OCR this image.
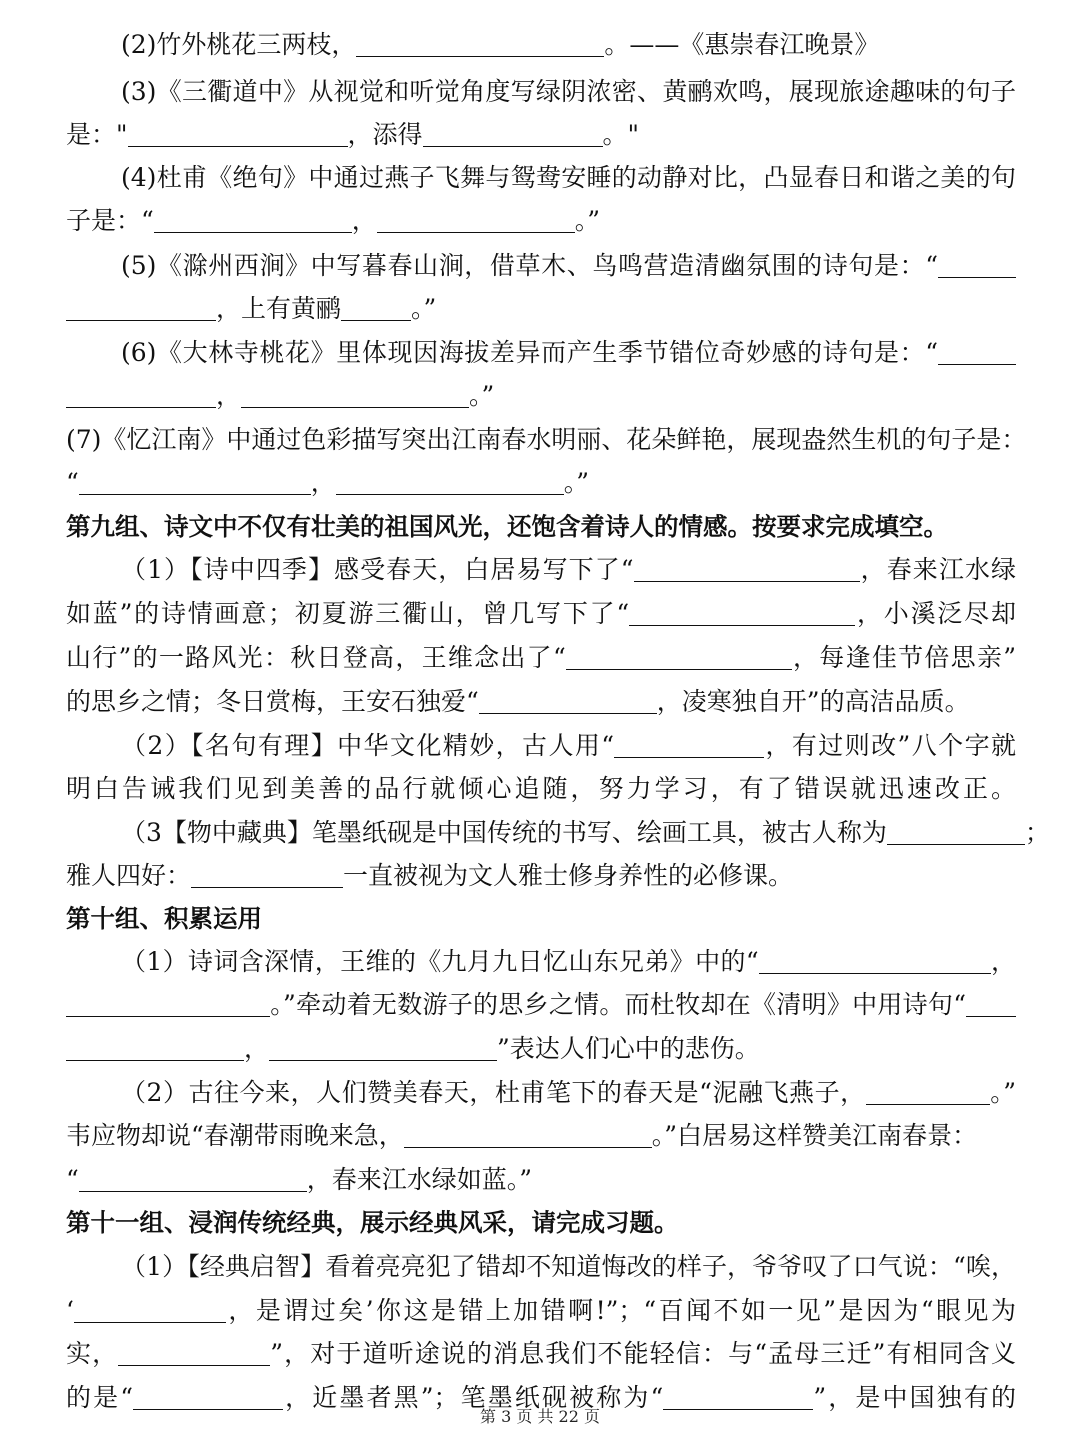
(2)竹外桃花三两枝，	。——《惠崇春江晚景》
(3)《三衢道中》从视觉和听觉角度写绿阴浓密、黄鹂欢鸣，展现旅途趣味的句子
是："	，添得	。"
(4)杜甫《绝句》中通过燕子飞舞与鸳鸯安睡的动静对比，凸显春日和谐之美的句
子是：“	，	。”
(5)《滁州西涧》中写暮春山涧，借草木、鸟鸣营造清幽氛围的诗句是：“
，上有黄鹂	。”
(6)《大林寺桃花》里体现因海拔差异而产生季节错位奇妙感的诗句是：“
，	。”
(7)《忆江南》中通过色彩描写突出江南春水明丽、花朵鲜艳，展现盎然生机的句子是：
“	，	。”
第九组、诗文中不仅有壮美的祖国风光，还饱含着诗人的情感。按要求完成填空。
（1）【诗中四季】感受春天，白居易写下了“	，春来江水绿
如蓝”的诗情画意；初夏游三衢山，曾几写下了“	，小溪泛尽却
山行”的一路风光：秋日登高，王维念出了“	，每逢佳节倍思亲”
的思乡之情；冬日赏梅，王安石独爱“	，凌寒独自开”的高洁品质。
（2）【名句有理】中华文化精妙，古人用“	，有过则改”八个字就
明白告诫我们见到美善的品行就倾心追随，努力学习，有了错误就迅速改正。
（3【物中藏典】笔墨纸砚是中国传统的书写、绘画工具，被古人称为	；
雅人四好：	一直被视为文人雅士修身养性的必修课。
第十组、积累运用
（1）诗词含深情，王维的《九月九日忆山东兄弟》中的“	，
。”牵动着无数游子的思乡之情。而杜牧却在《清明》中用诗句“
，	”表达人们心中的悲伤。
（2）古往今来，人们赞美春天，杜甫笔下的春天是“泥融飞燕子，	。”
韦应物却说“春潮带雨晚来急，	。”白居易这样赞美江南春景：
“	，春来江水绿如蓝。”
第十一组、浸润传统经典，展示经典风采，请完成习题。
（1）【经典启智】看着亮亮犯了错却不知道悔改的样子，爷爷叹了口气说：“唉，
‘	，是谓过矣’你这是错上加错啊!”；“百闻不如一见”是因为“眼见为
实，	”，对于道听途说的消息我们不能轻信：与“孟母三迁”有相同含义
的是“	，近墨者黑”；笔墨纸砚被称为“	”，是中国独有的
第 3 页 共 22 页
